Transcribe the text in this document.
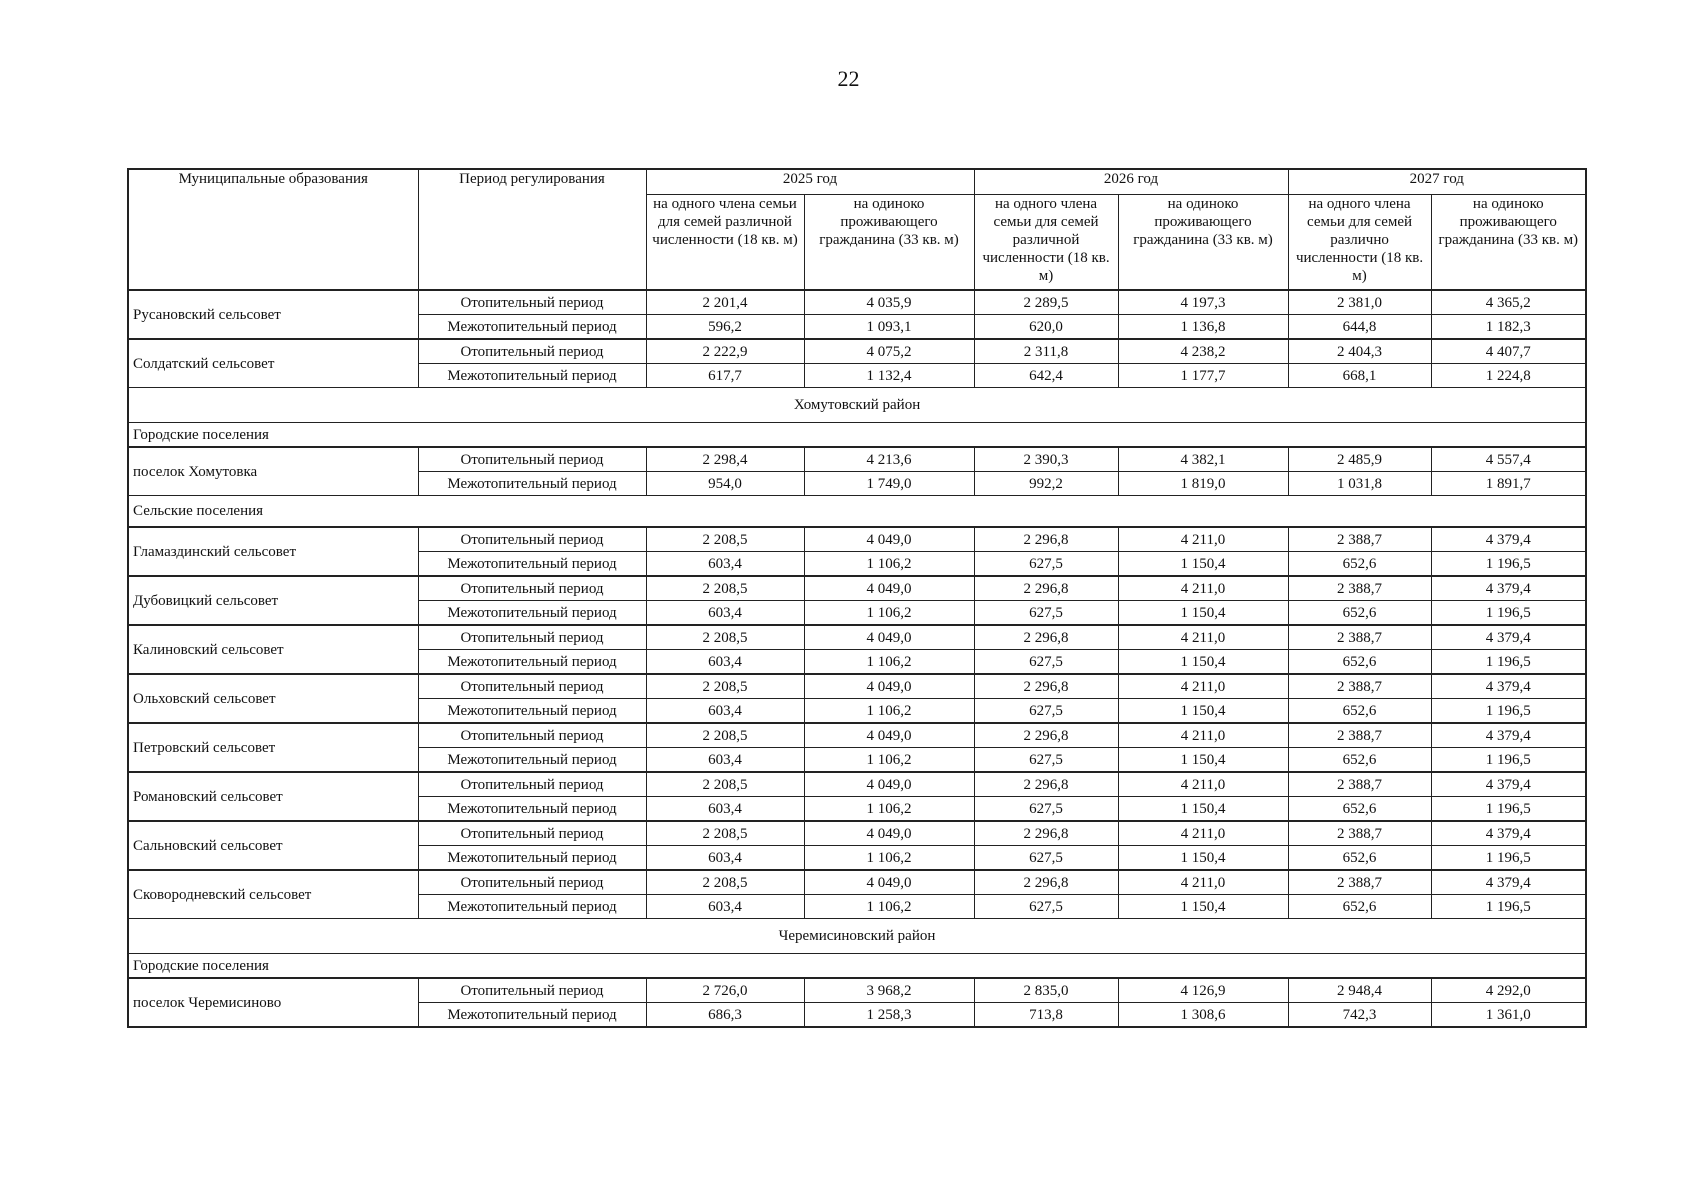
22
Муниципальные образования	Период регулирования	2025 год		2026 год		2027 год	
		на одного члена семьи для семей различной численности (18 кв. м)	на одиноко проживающего гражданина (33 кв. м)	на одного члена семьи для семей различной численности (18 кв. м)	на одиноко проживающего гражданина (33 кв. м)	на одного члена семьи для семей различно численности (18 кв. м)	на одиноко проживающего гражданина (33 кв. м)
Русановский сельсовет	Отопительный период	2 201,4	4 035,9	2 289,5	4 197,3	2 381,0	4 365,2
	Межотопительный период	596,2	1 093,1	620,0	1 136,8	644,8	1 182,3
Солдатский сельсовет	Отопительный период	2 222,9	4 075,2	2 311,8	4 238,2	2 404,3	4 407,7
	Межотопительный период	617,7	1 132,4	642,4	1 177,7	668,1	1 224,8
Хомутовский район							
Городские поселения							
поселок Хомутовка	Отопительный период	2 298,4	4 213,6	2 390,3	4 382,1	2 485,9	4 557,4
	Межотопительный период	954,0	1 749,0	992,2	1 819,0	1 031,8	1 891,7
Сельские поселения							
Гламаздинский сельсовет	Отопительный период	2 208,5	4 049,0	2 296,8	4 211,0	2 388,7	4 379,4
	Межотопительный период	603,4	1 106,2	627,5	1 150,4	652,6	1 196,5
Дубовицкий сельсовет	Отопительный период	2 208,5	4 049,0	2 296,8	4 211,0	2 388,7	4 379,4
	Межотопительный период	603,4	1 106,2	627,5	1 150,4	652,6	1 196,5
Калиновский сельсовет	Отопительный период	2 208,5	4 049,0	2 296,8	4 211,0	2 388,7	4 379,4
	Межотопительный период	603,4	1 106,2	627,5	1 150,4	652,6	1 196,5
Ольховский сельсовет	Отопительный период	2 208,5	4 049,0	2 296,8	4 211,0	2 388,7	4 379,4
	Межотопительный период	603,4	1 106,2	627,5	1 150,4	652,6	1 196,5
Петровский сельсовет	Отопительный период	2 208,5	4 049,0	2 296,8	4 211,0	2 388,7	4 379,4
	Межотопительный период	603,4	1 106,2	627,5	1 150,4	652,6	1 196,5
Романовский сельсовет	Отопительный период	2 208,5	4 049,0	2 296,8	4 211,0	2 388,7	4 379,4
	Межотопительный период	603,4	1 106,2	627,5	1 150,4	652,6	1 196,5
Сальновский сельсовет	Отопительный период	2 208,5	4 049,0	2 296,8	4 211,0	2 388,7	4 379,4
	Межотопительный период	603,4	1 106,2	627,5	1 150,4	652,6	1 196,5
Сковородневский сельсовет	Отопительный период	2 208,5	4 049,0	2 296,8	4 211,0	2 388,7	4 379,4
	Межотопительный период	603,4	1 106,2	627,5	1 150,4	652,6	1 196,5
Черемисиновский район							
Городские поселения							
поселок Черемисиново	Отопительный период	2 726,0	3 968,2	2 835,0	4 126,9	2 948,4	4 292,0
	Межотопительный период	686,3	1 258,3	713,8	1 308,6	742,3	1 361,0
